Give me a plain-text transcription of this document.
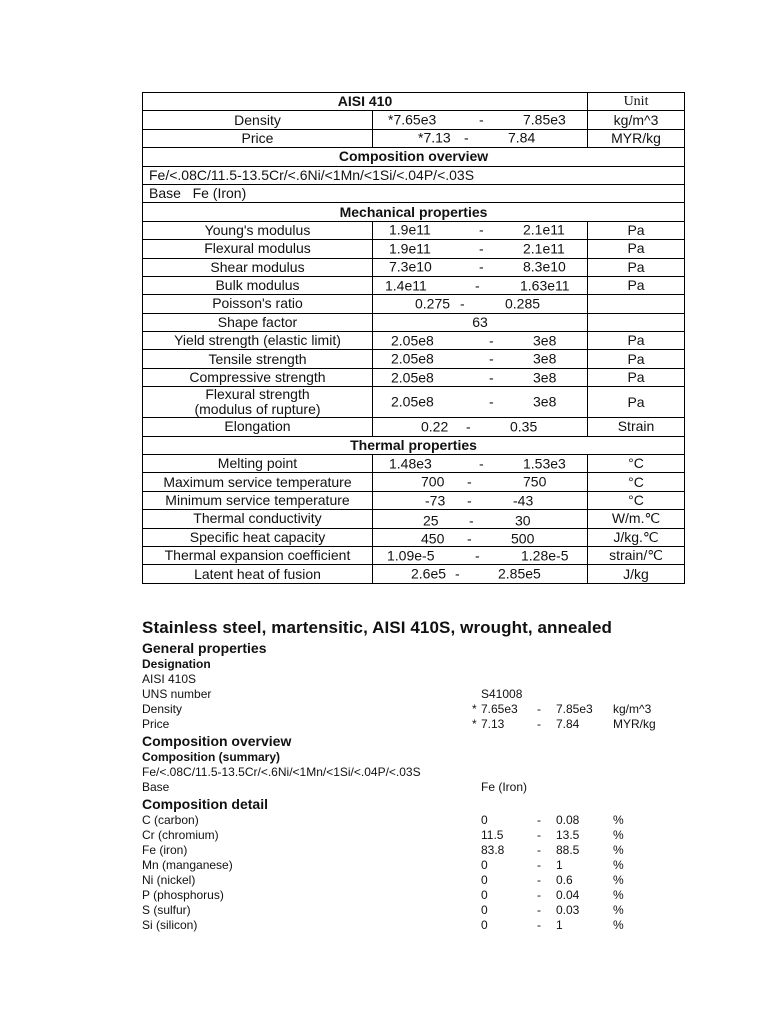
AISI 410		Unit
Density	*7.65e3 - 7.85e3	kg/m^3
Price	*7.13 - 7.84	MYR/kg
Composition overview		
Fe/<.08C/11.5-13.5Cr/<.6Ni/<1Mn/<1Si/<.04P/<.03S		
Base   Fe (Iron)		
Mechanical properties		
Young's modulus	1.9e11 - 2.1e11	Pa
Flexural modulus	1.9e11 - 2.1e11	Pa
Shear modulus	7.3e10 - 8.3e10	Pa
Bulk modulus	1.4e11 - 1.63e11	Pa
Poisson's ratio	0.275 - 0.285	

Shape factor	63	

Yield strength (elastic limit)	2.05e8 - 3e8	Pa
Tensile strength	2.05e8 - 3e8	Pa
Compressive strength	2.05e8 - 3e8	Pa
Flexural strength
(modulus of rupture)	2.05e8 - 3e8	Pa
Elongation	0.22 - 0.35	Strain
Thermal properties		
Melting point	1.48e3 - 1.53e3	°C
Maximum service temperature	700 - 750	°C
Minimum service temperature	-73 - -43	°C
Thermal conductivity	25 - 30	W/m.℃
Specific heat capacity	450 - 500	J/kg.℃
Thermal expansion coefficient	1.09e-5 - 1.28e-5	strain/℃
Latent heat of fusion	2.6e5 - 2.85e5	J/kg
Stainless steel, martensitic, AISI 410S, wrought, annealed
General properties
Designation
AISI 410S
UNS number	S41008
Density	* 7.65e3 - 7.85e3 kg/m^3
Price	* 7.13	- 7.84	MYR/kg
Composition overview
Composition (summary)
Fe/<.08C/11.5-13.5Cr/<.6Ni/<1Mn/<1Si/<.04P/<.03S
Base	Fe (Iron)
Composition detail
C (carbon)	0	- 0.08	%
Cr (chromium)	11.5	- 13.5	%
Fe (iron)	83.8	- 88.5	%
Mn (manganese)	0	- 1	%
Ni (nickel)	0	- 0.6	%
P (phosphorus)	0	- 0.04	%
S (sulfur)	0	- 0.03	%
Si (silicon)	0	- 1	%
